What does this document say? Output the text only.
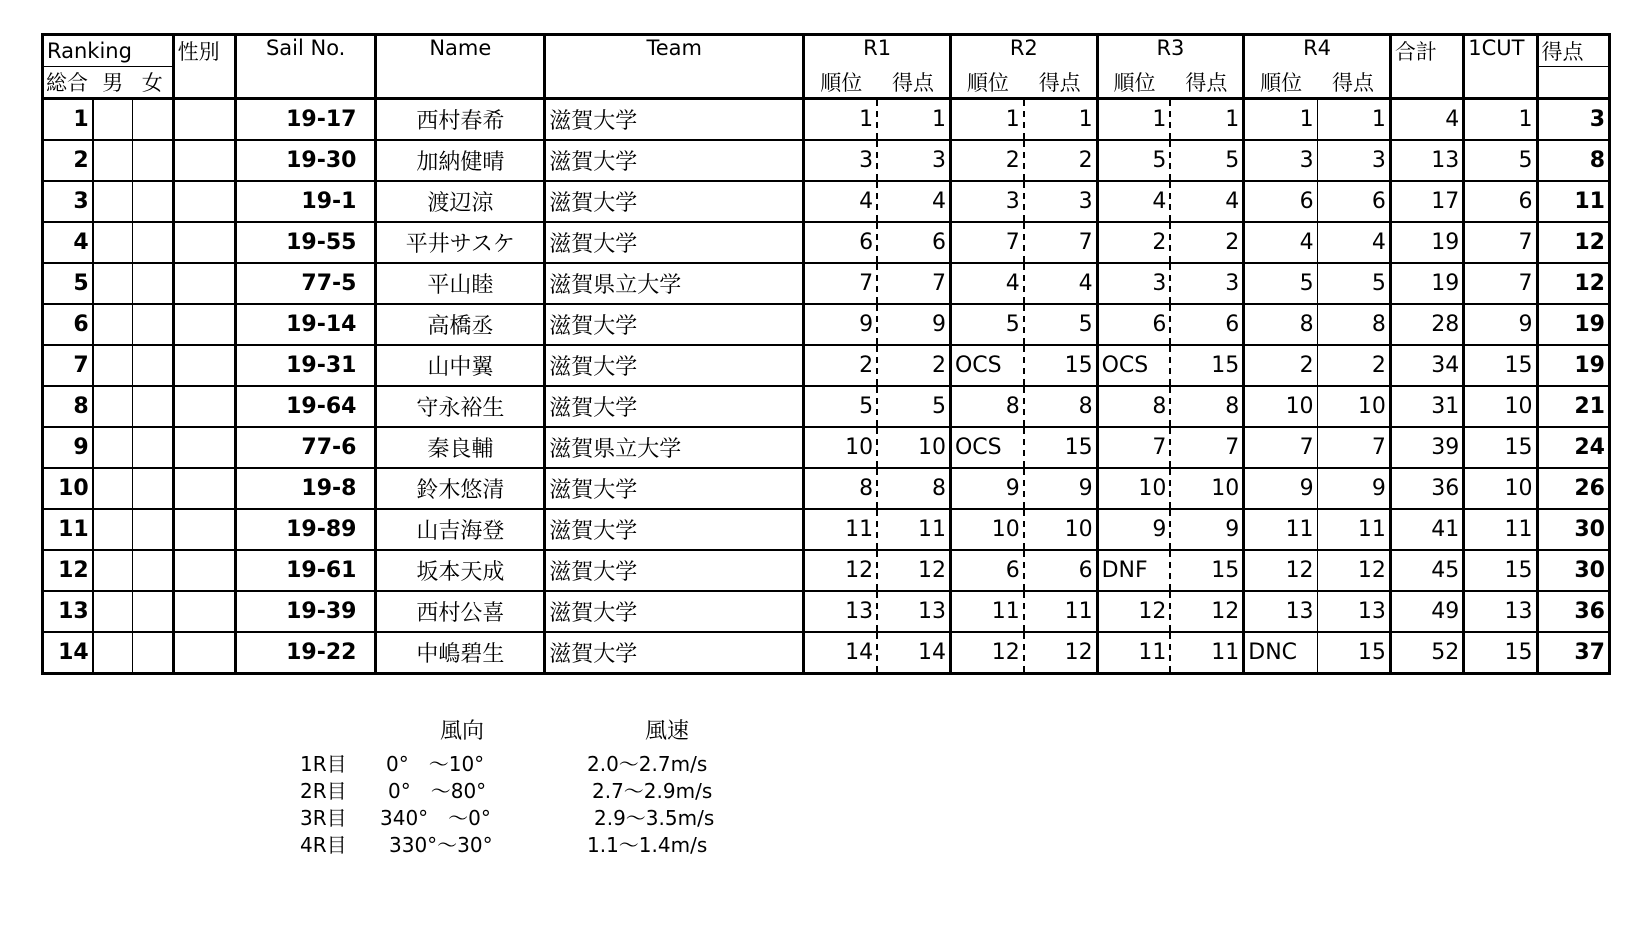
Ranking			性別	Sail No.	Name	Team	R1		R2		R3		R4		合計	1CUT	得点
総合	男	女					順位	得点	順位	得点	順位	得点	順位	得点			
1				19-17	西村春希	滋賀大学	1	1	1	1	1	1	1	1	4	1	3
2				19-30	加納健晴	滋賀大学	3	3	2	2	5	5	3	3	13	5	8
3				19-1	渡辺涼	滋賀大学	4	4	3	3	4	4	6	6	17	6	11
4				19-55	平井サスケ	滋賀大学	6	6	7	7	2	2	4	4	19	7	12
5				77-5	平山睦	滋賀県立大学	7	7	4	4	3	3	5	5	19	7	12
6				19-14	高橋丞	滋賀大学	9	9	5	5	6	6	8	8	28	9	19
7				19-31	山中翼	滋賀大学	2	2	OCS	15	OCS	15	2	2	34	15	19
8				19-64	守永裕生	滋賀大学	5	5	8	8	8	8	10	10	31	10	21
9				77-6	秦良輔	滋賀県立大学	10	10	OCS	15	7	7	7	7	39	15	24
10				19-8	鈴木悠清	滋賀大学	8	8	9	9	10	10	9	9	36	10	26
11				19-89	山吉海登	滋賀大学	11	11	10	10	9	9	11	11	41	11	30
12				19-61	坂本天成	滋賀大学	12	12	6	6	DNF	15	12	12	45	15	30
13				19-39	西村公喜	滋賀大学	13	13	11	11	12	12	13	13	49	13	36
14				19-22	中嶋碧生	滋賀大学	14	14	12	12	11	11	DNC	15	52	15	37
風向	風速
1R目 0°　～10°	2.0～2.7m/s
2R目 0°　～80°	2.7～2.9m/s
3R目 340°　～0°	2.9～3.5m/s
4R目 330°～30°	1.1～1.4m/s
